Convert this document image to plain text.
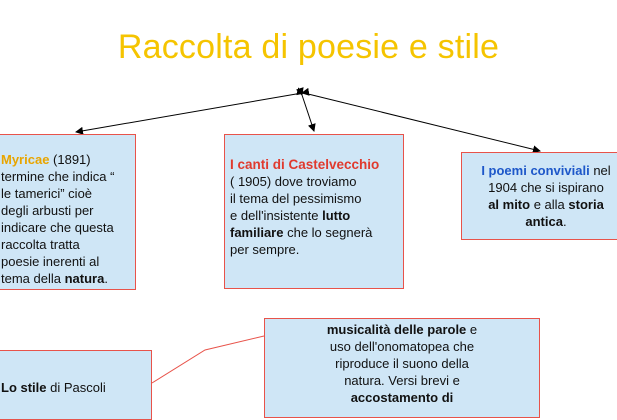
Raccolta di poesie e stile
Myricae (1891)
termine che indica “
le tamerici” cioè
degli arbusti per
indicare che questa
raccolta tratta
poesie inerenti al
tema della natura.
I canti di Castelvecchio
( 1905) dove troviamo
il tema del pessimismo
e dell'insistente lutto
familiare che lo segnerà
per sempre.
I poemi conviviali nel
1904 che si ispirano
al mito e alla storia
antica.
Lo stile di Pascoli
musicalità delle parole e
uso dell'onomatopea che
riproduce il suono della
natura. Versi brevi e
accostamento di
